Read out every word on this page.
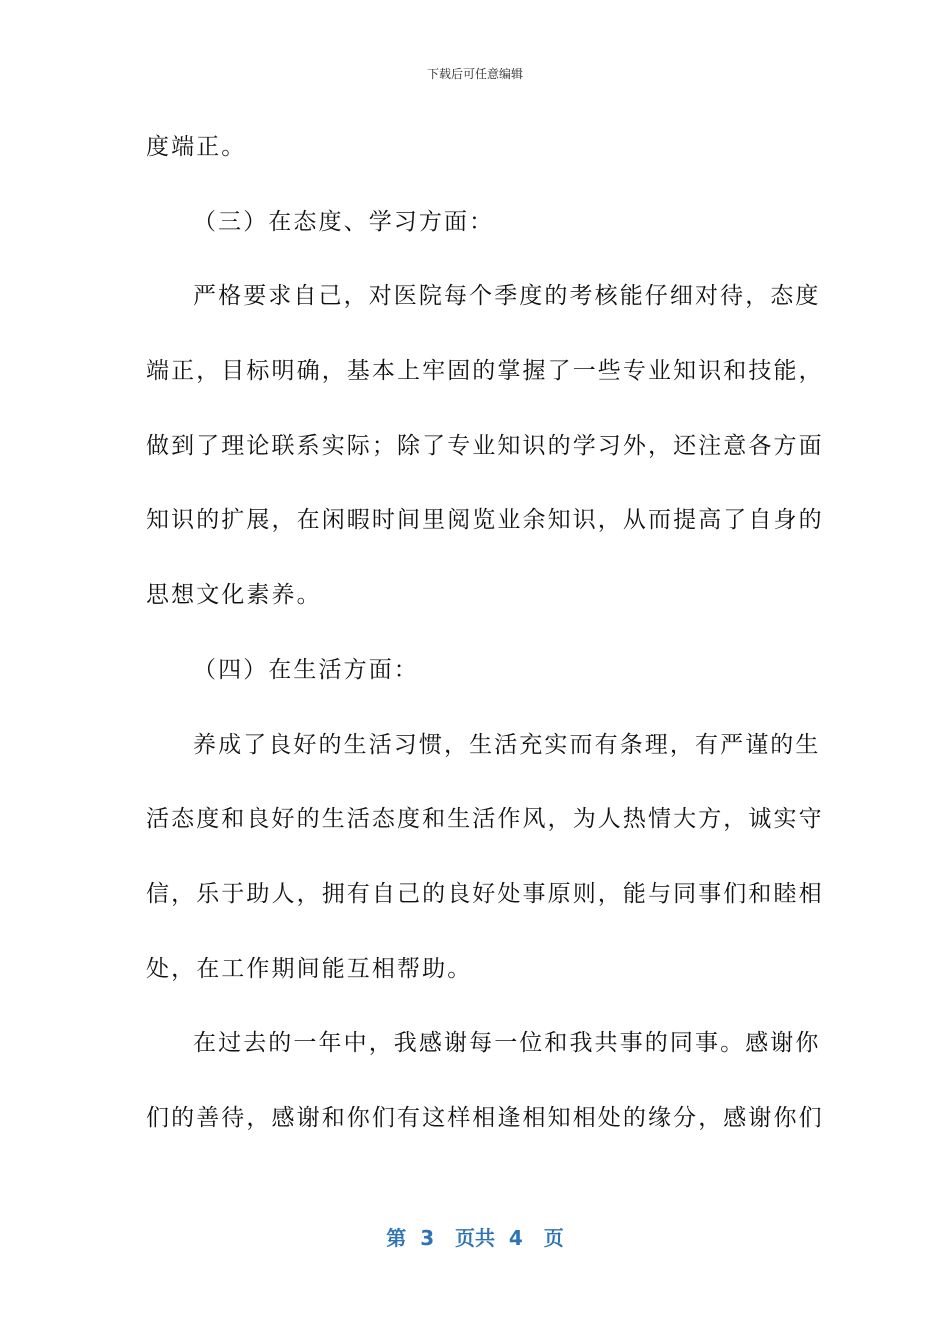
下载后可任意编辑
度端正。
（三）在态度、学习方面：
严格要求自己，对医院每个季度的考核能仔细对待，态度
端正，目标明确，基本上牢固的掌握了一些专业知识和技能，
做到了理论联系实际；除了专业知识的学习外，还注意各方面
知识的扩展，在闲暇时间里阅览业余知识，从而提高了自身的
思想文化素养。
（四）在生活方面：
养成了良好的生活习惯，生活充实而有条理，有严谨的生
活态度和良好的生活态度和生活作风，为人热情大方，诚实守
信，乐于助人，拥有自己的良好处事原则，能与同事们和睦相
处，在工作期间能互相帮助。
在过去的一年中，我感谢每一位和我共事的同事。感谢你
们的善待，感谢和你们有这样相逢相知相处的缘分，感谢你们
第  3   页共  4   页
